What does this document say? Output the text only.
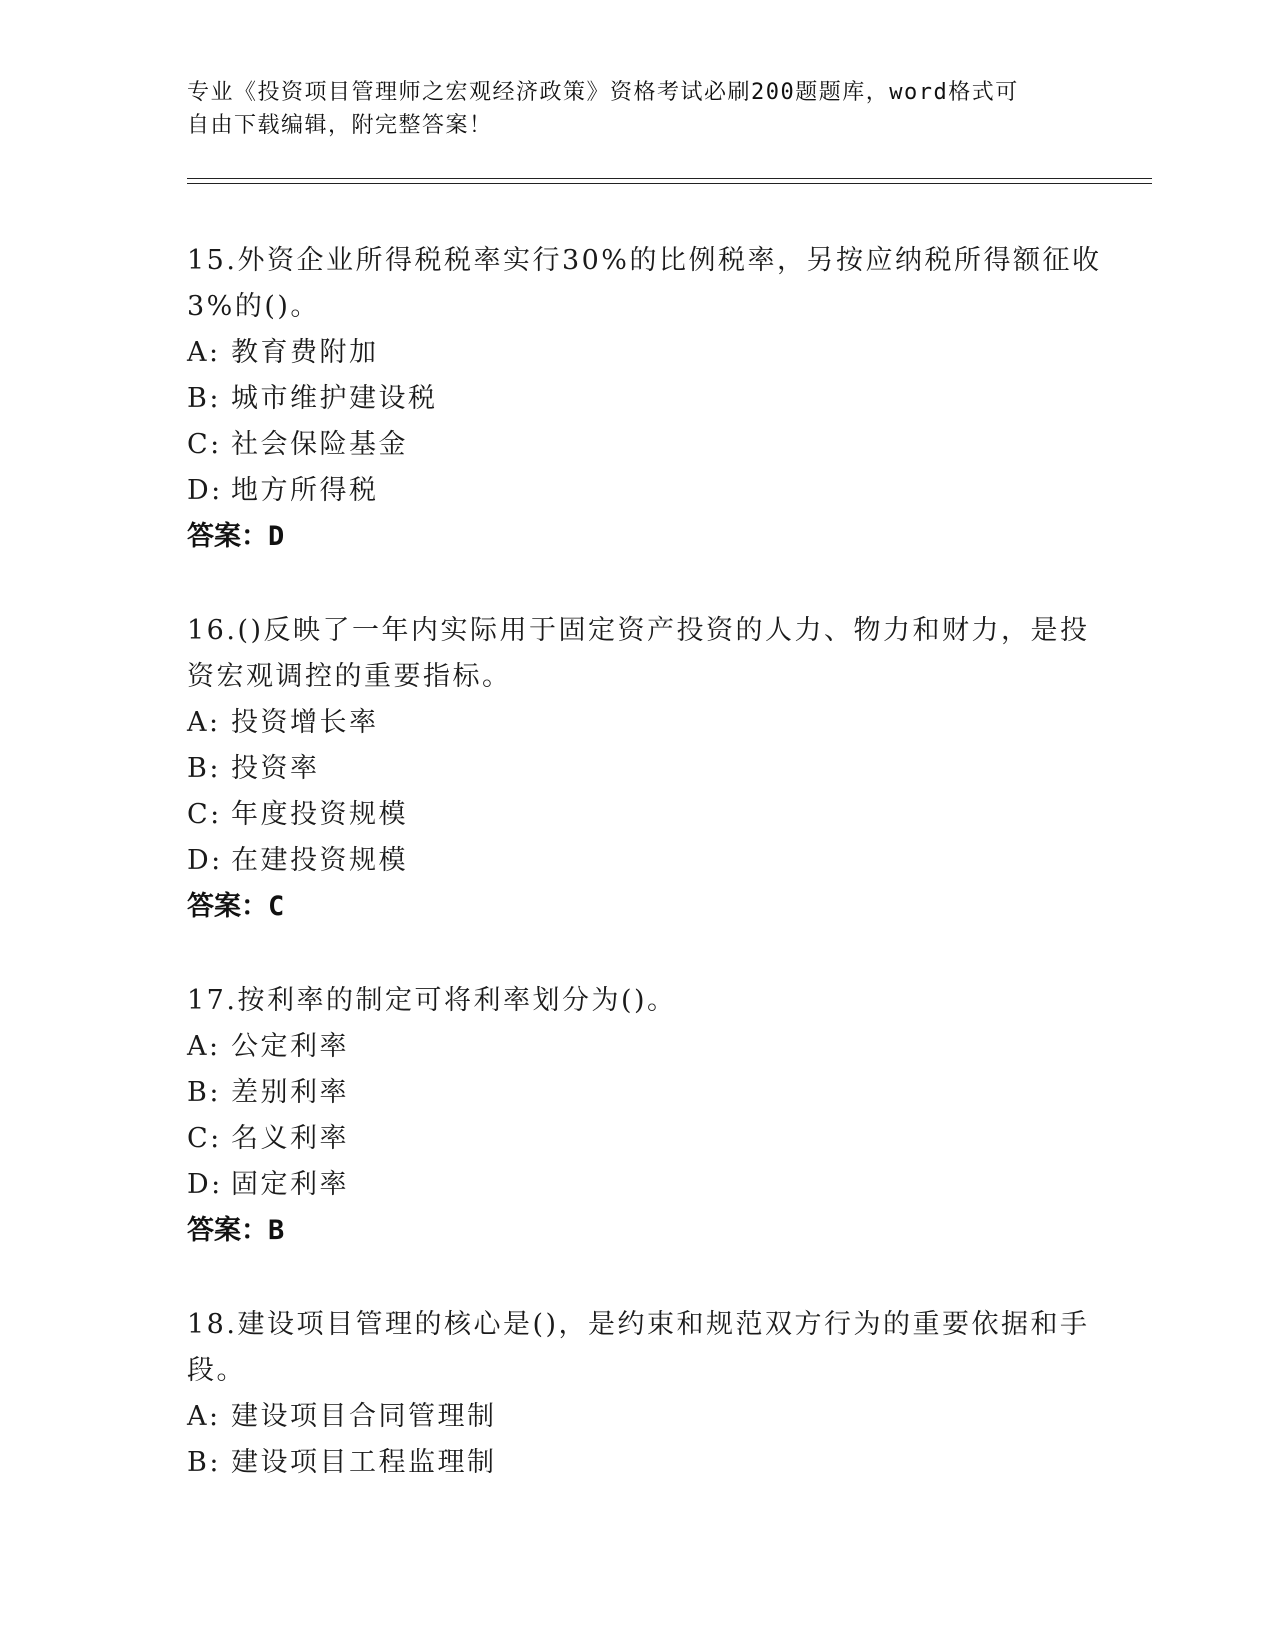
专业《投资项目管理师之宏观经济政策》资格考试必刷200题题库，word格式可
自由下载编辑，附完整答案！
15.外资企业所得税税率实行30%的比例税率，另按应纳税所得额征收
3%的()。
A: 教育费附加
B: 城市维护建设税
C: 社会保险基金
D: 地方所得税
答案：D
16.()反映了一年内实际用于固定资产投资的人力、物力和财力，是投
资宏观调控的重要指标。
A: 投资增长率
B: 投资率
C: 年度投资规模
D: 在建投资规模
答案：C
17.按利率的制定可将利率划分为()。
A: 公定利率
B: 差别利率
C: 名义利率
D: 固定利率
答案：B
18.建设项目管理的核心是()，是约束和规范双方行为的重要依据和手
段。
A: 建设项目合同管理制
B: 建设项目工程监理制
